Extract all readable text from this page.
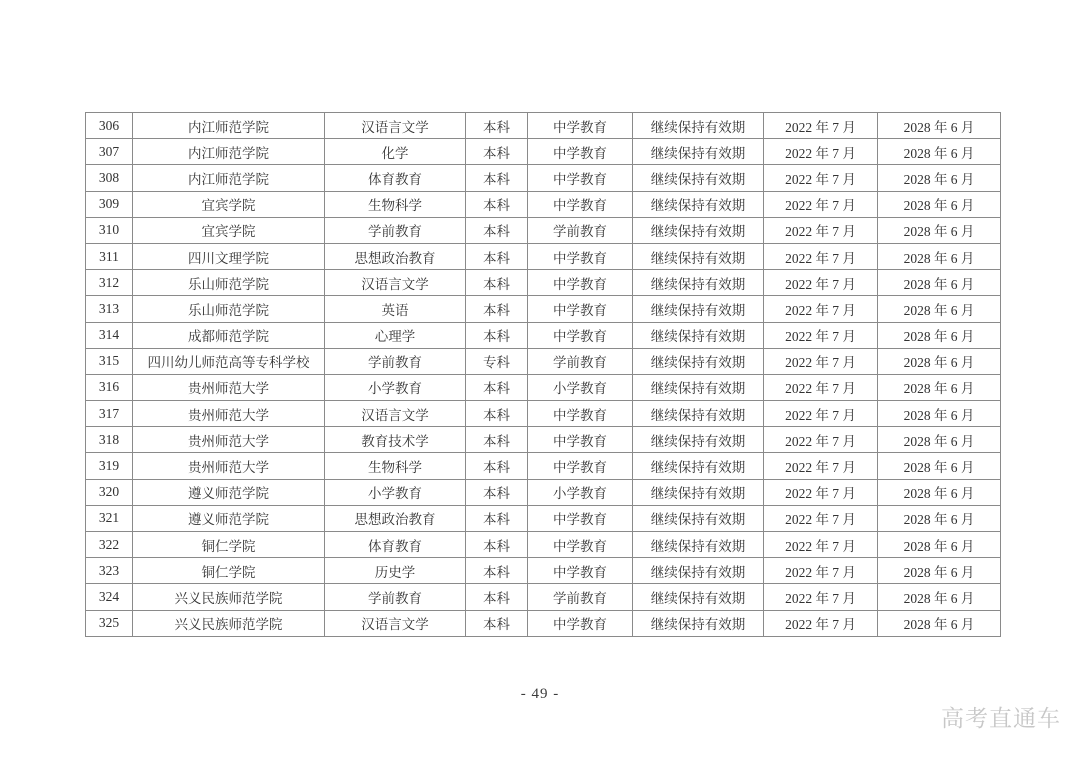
306	内江师范学院	汉语言文学	本科	中学教育	继续保持有效期	2022 年 7 月	2028 年 6 月
307	内江师范学院	化学	本科	中学教育	继续保持有效期	2022 年 7 月	2028 年 6 月
308	内江师范学院	体育教育	本科	中学教育	继续保持有效期	2022 年 7 月	2028 年 6 月
309	宜宾学院	生物科学	本科	中学教育	继续保持有效期	2022 年 7 月	2028 年 6 月
310	宜宾学院	学前教育	本科	学前教育	继续保持有效期	2022 年 7 月	2028 年 6 月
311	四川文理学院	思想政治教育	本科	中学教育	继续保持有效期	2022 年 7 月	2028 年 6 月
312	乐山师范学院	汉语言文学	本科	中学教育	继续保持有效期	2022 年 7 月	2028 年 6 月
313	乐山师范学院	英语	本科	中学教育	继续保持有效期	2022 年 7 月	2028 年 6 月
314	成都师范学院	心理学	本科	中学教育	继续保持有效期	2022 年 7 月	2028 年 6 月
315	四川幼儿师范高等专科学校	学前教育	专科	学前教育	继续保持有效期	2022 年 7 月	2028 年 6 月
316	贵州师范大学	小学教育	本科	小学教育	继续保持有效期	2022 年 7 月	2028 年 6 月
317	贵州师范大学	汉语言文学	本科	中学教育	继续保持有效期	2022 年 7 月	2028 年 6 月
318	贵州师范大学	教育技术学	本科	中学教育	继续保持有效期	2022 年 7 月	2028 年 6 月
319	贵州师范大学	生物科学	本科	中学教育	继续保持有效期	2022 年 7 月	2028 年 6 月
320	遵义师范学院	小学教育	本科	小学教育	继续保持有效期	2022 年 7 月	2028 年 6 月
321	遵义师范学院	思想政治教育	本科	中学教育	继续保持有效期	2022 年 7 月	2028 年 6 月
322	铜仁学院	体育教育	本科	中学教育	继续保持有效期	2022 年 7 月	2028 年 6 月
323	铜仁学院	历史学	本科	中学教育	继续保持有效期	2022 年 7 月	2028 年 6 月
324	兴义民族师范学院	学前教育	本科	学前教育	继续保持有效期	2022 年 7 月	2028 年 6 月
325	兴义民族师范学院	汉语言文学	本科	中学教育	继续保持有效期	2022 年 7 月	2028 年 6 月
- 49 -
高考直通车
